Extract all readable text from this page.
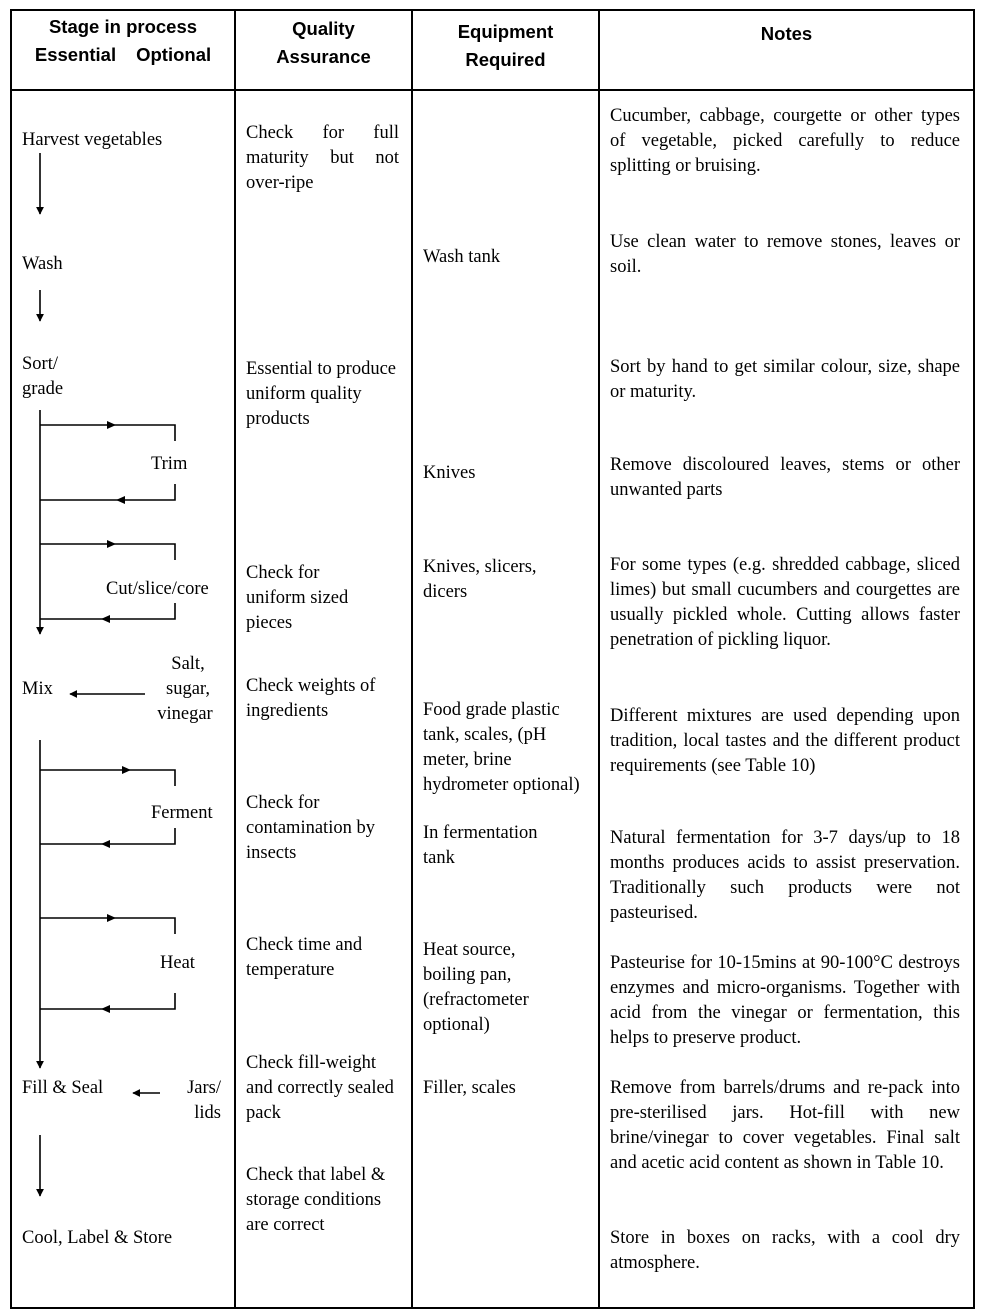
Stage in process
Essential Optional
Quality
Assurance
Equipment
Required
Notes
Harvest vegetables
Wash
Sort/
grade
Trim
Cut/slice/core
Mix
Salt,
sugar,
vinegar
Ferment
Heat
Fill & Seal	Jars/
lids
Cool, Label & Store
Check for full maturity but not over-ripe
Essential to produce uniform quality products
Check for uniform sized pieces
Check weights of ingredients
Check for contamination by insects
Check time and temperature
Check fill-weight and correctly sealed pack
Check that label & storage conditions are correct
Wash tank
Knives
Knives, slicers, dicers
Food grade plastic tank, scales, (pH meter, brine hydrometer optional)
In fermentation tank
Heat source, boiling pan, (refractometer optional)
Filler, scales
Cucumber, cabbage, courgette or other types of vegetable, picked carefully to reduce splitting or bruising.
Use clean water to remove stones, leaves or soil.
Sort by hand to get similar colour, size, shape or maturity.
Remove discoloured leaves, stems or other unwanted parts
For some types (e.g. shredded cabbage, sliced limes) but small cucumbers and courgettes are usually pickled whole. Cutting allows faster penetration of pickling liquor.
Different mixtures are used depending upon tradition, local tastes and the different product requirements (see Table 10)
Natural fermentation for 3-7 days/up to 18 months produces acids to assist preservation. Traditionally such products were not pasteurised.
Pasteurise for 10-15mins at 90-100°C destroys enzymes and micro-organisms. Together with acid from the vinegar or fermentation, this helps to preserve product.
Remove from barrels/drums and re-pack into pre-sterilised jars. Hot-fill with new brine/vinegar to cover vegetables. Final salt and acetic acid content as shown in Table 10.
Store in boxes on racks, with a cool dry atmosphere.
